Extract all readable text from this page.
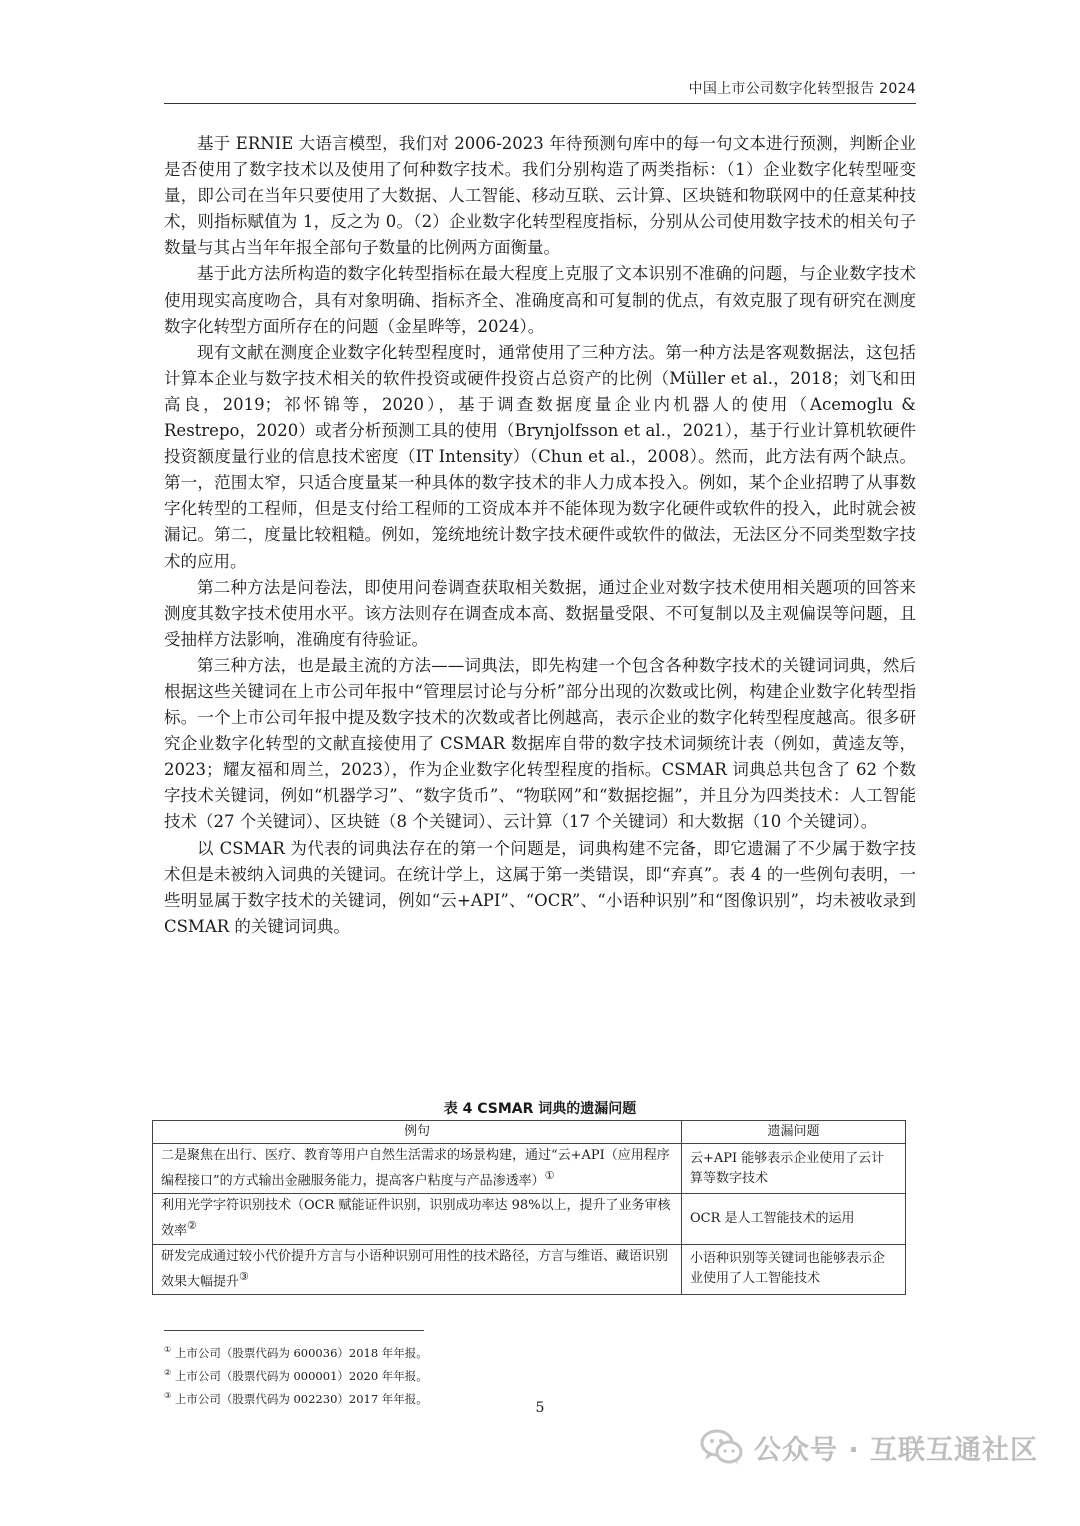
中国上市公司数字化转型报告 2024

基于 ERNIE 大语言模型，我们对 2006-2023 年待预测句库中的每一句文本进行预测，判断企业是否使用了数字技术以及使用了何种数字技术。我们分别构造了两类指标：（1）企业数字化转型哑变量，即公司在当年只要使用了大数据、人工智能、移动互联、云计算、区块链和物联网中的任意某种技术，则指标赋值为 1，反之为 0。（2）企业数字化转型程度指标，分别从公司使用数字技术的相关句子数量与其占当年年报全部句子数量的比例两方面衡量。

基于此方法所构造的数字化转型指标在最大程度上克服了文本识别不准确的问题，与企业数字技术使用现实高度吻合，具有对象明确、指标齐全、准确度高和可复制的优点，有效克服了现有研究在测度数字化转型方面所存在的问题（金星晔等，2024）。

现有文献在测度企业数字化转型程度时，通常使用了三种方法。第一种方法是客观数据法，这包括计算本企业与数字技术相关的软件投资或硬件投资占总资产的比例（Müller et al.，2018；刘飞和田高良，2019；祁怀锦等，2020），基于调查数据度量企业内机器人的使用（Acemoglu & Restrepo，2020）或者分析预测工具的使用（Brynjolfsson et al.，2021），基于行业计算机软硬件投资额度量行业的信息技术密度（IT Intensity）（Chun et al.，2008）。然而，此方法有两个缺点。第一，范围太窄，只适合度量某一种具体的数字技术的非人力成本投入。例如，某个企业招聘了从事数字化转型的工程师，但是支付给工程师的工资成本并不能体现为数字化硬件或软件的投入，此时就会被漏记。第二，度量比较粗糙。例如，笼统地统计数字技术硬件或软件的做法，无法区分不同类型数字技术的应用。

第二种方法是问卷法，即使用问卷调查获取相关数据，通过企业对数字技术使用相关题项的回答来测度其数字技术使用水平。该方法则存在调查成本高、数据量受限、不可复制以及主观偏误等问题，且受抽样方法影响，准确度有待验证。

第三种方法，也是最主流的方法——词典法，即先构建一个包含各种数字技术的关键词词典，然后根据这些关键词在上市公司年报中“管理层讨论与分析”部分出现的次数或比例，构建企业数字化转型指标。一个上市公司年报中提及数字技术的次数或者比例越高，表示企业的数字化转型程度越高。很多研究企业数字化转型的文献直接使用了 CSMAR 数据库自带的数字技术词频统计表（例如，黄逵友等，2023；耀友福和周兰，2023），作为企业数字化转型程度的指标。CSMAR 词典总共包含了 62 个数字技术关键词，例如“机器学习”、“数字货币”、“物联网”和“数据挖掘”，并且分为四类技术：人工智能技术（27 个关键词）、区块链（8 个关键词）、云计算（17 个关键词）和大数据（10 个关键词）。

以 CSMAR 为代表的词典法存在的第一个问题是，词典构建不完备，即它遗漏了不少属于数字技术但是未被纳入词典的关键词。在统计学上，这属于第一类错误，即“弃真”。表 4 的一些例句表明，一些明显属于数字技术的关键词，例如“云+API”、“OCR”、“小语种识别”和“图像识别”，均未被收录到 CSMAR 的关键词词典。

表 4 CSMAR 词典的遗漏问题
例句	遗漏问题
二是聚焦在出行、医疗、教育等用户自然生活需求的场景构建，通过“云+API（应用程序编程接口”的方式输出金融服务能力，提高客户粘度与产品渗透率）①	云+API 能够表示企业使用了云计算等数字技术
利用光学字符识别技术（OCR 赋能证件识别，识别成功率达 98%以上，提升了业务审核效率②	OCR 是人工智能技术的运用
研发完成通过较小代价提升方言与小语种识别可用性的技术路径，方言与维语、藏语识别效果大幅提升③	小语种识别等关键词也能够表示企业使用了人工智能技术
① 上市公司（股票代码为 600036）2018 年年报。
② 上市公司（股票代码为 000001）2020 年年报。
③ 上市公司（股票代码为 002230）2017 年年报。
5
公众号 · 互联互通社区
